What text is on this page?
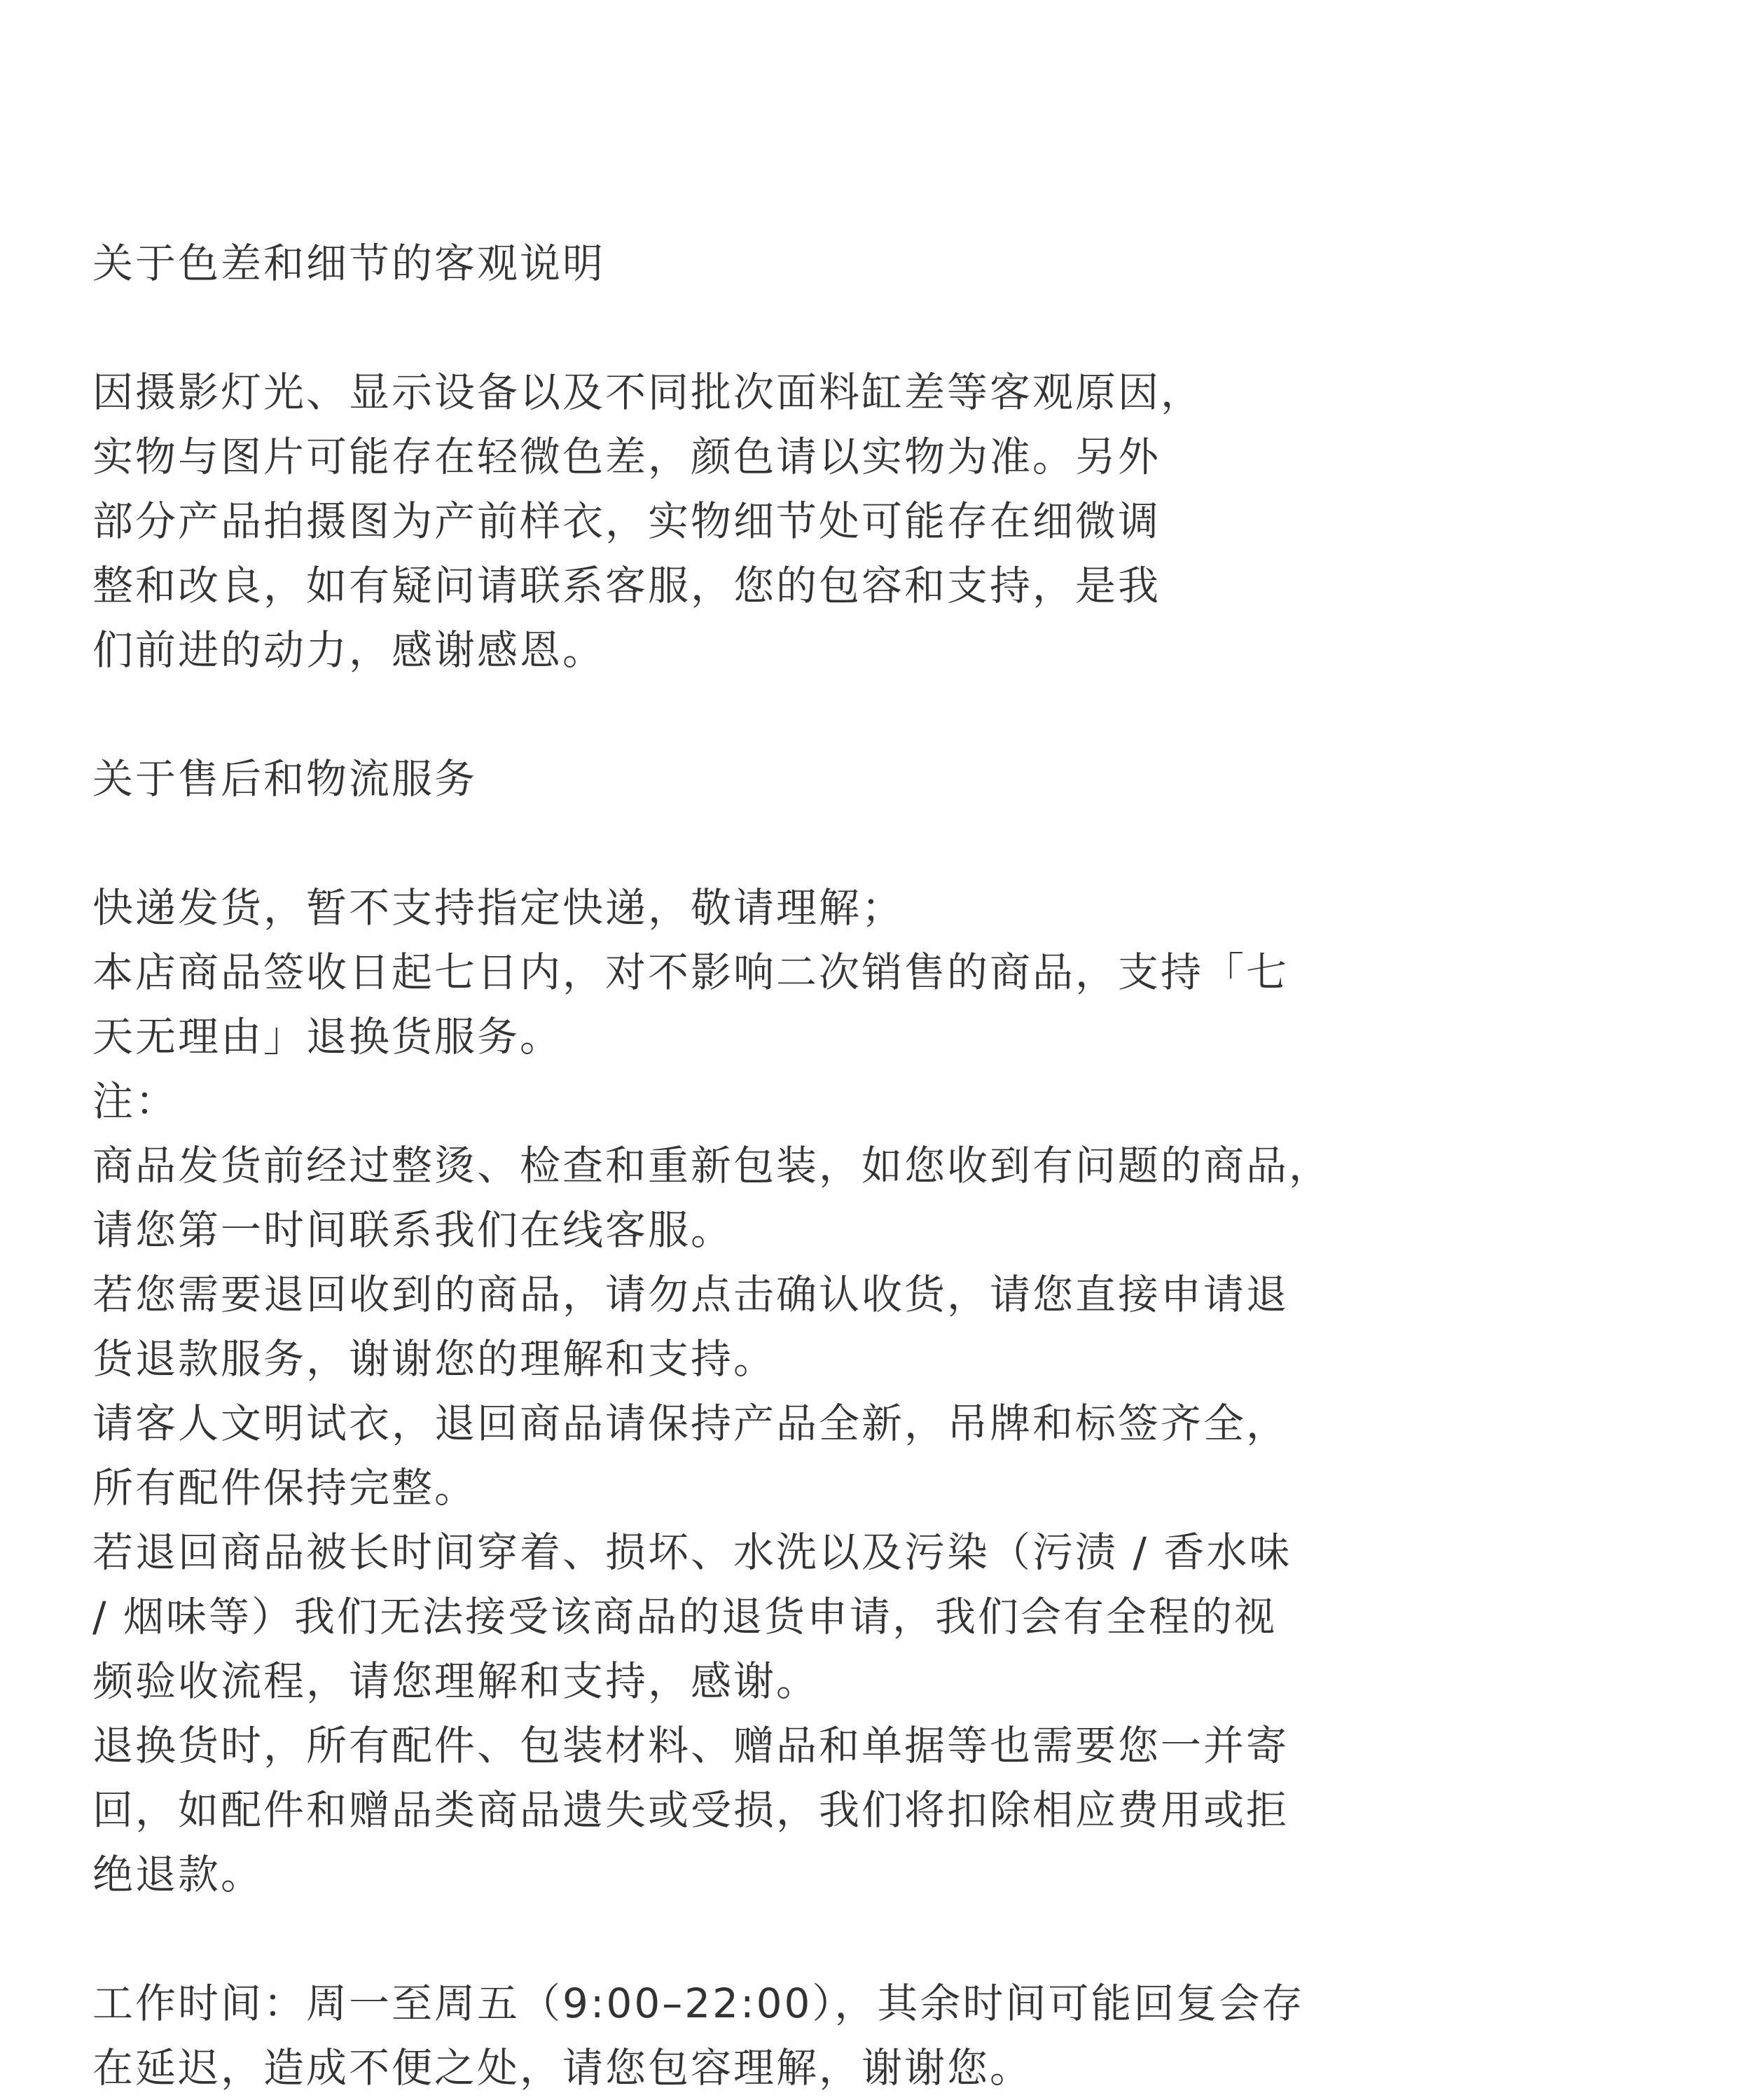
关于色差和细节的客观说明
因摄影灯光、显示设备以及不同批次面料缸差等客观原因，
实物与图片可能存在轻微色差，颜色请以实物为准。另外
部分产品拍摄图为产前样衣，实物细节处可能存在细微调
整和改良，如有疑问请联系客服，您的包容和支持，是我
们前进的动力，感谢感恩。
关于售后和物流服务
快递发货，暂不支持指定快递，敬请理解；
本店商品签收日起七日内，对不影响二次销售的商品，支持「七
天无理由」退换货服务。
注：
商品发货前经过整烫、检查和重新包装，如您收到有问题的商品，
请您第一时间联系我们在线客服。
若您需要退回收到的商品，请勿点击确认收货，请您直接申请退
货退款服务，谢谢您的理解和支持。
请客人文明试衣，退回商品请保持产品全新，吊牌和标签齐全，
所有配件保持完整。
若退回商品被长时间穿着、损坏、水洗以及污染（污渍 / 香水味
/ 烟味等）我们无法接受该商品的退货申请，我们会有全程的视
频验收流程，请您理解和支持，感谢。
退换货时，所有配件、包装材料、赠品和单据等也需要您一并寄
回，如配件和赠品类商品遗失或受损，我们将扣除相应费用或拒
绝退款。
工作时间：周一至周五（9:00–22:00），其余时间可能回复会存
在延迟，造成不便之处，请您包容理解，谢谢您。
